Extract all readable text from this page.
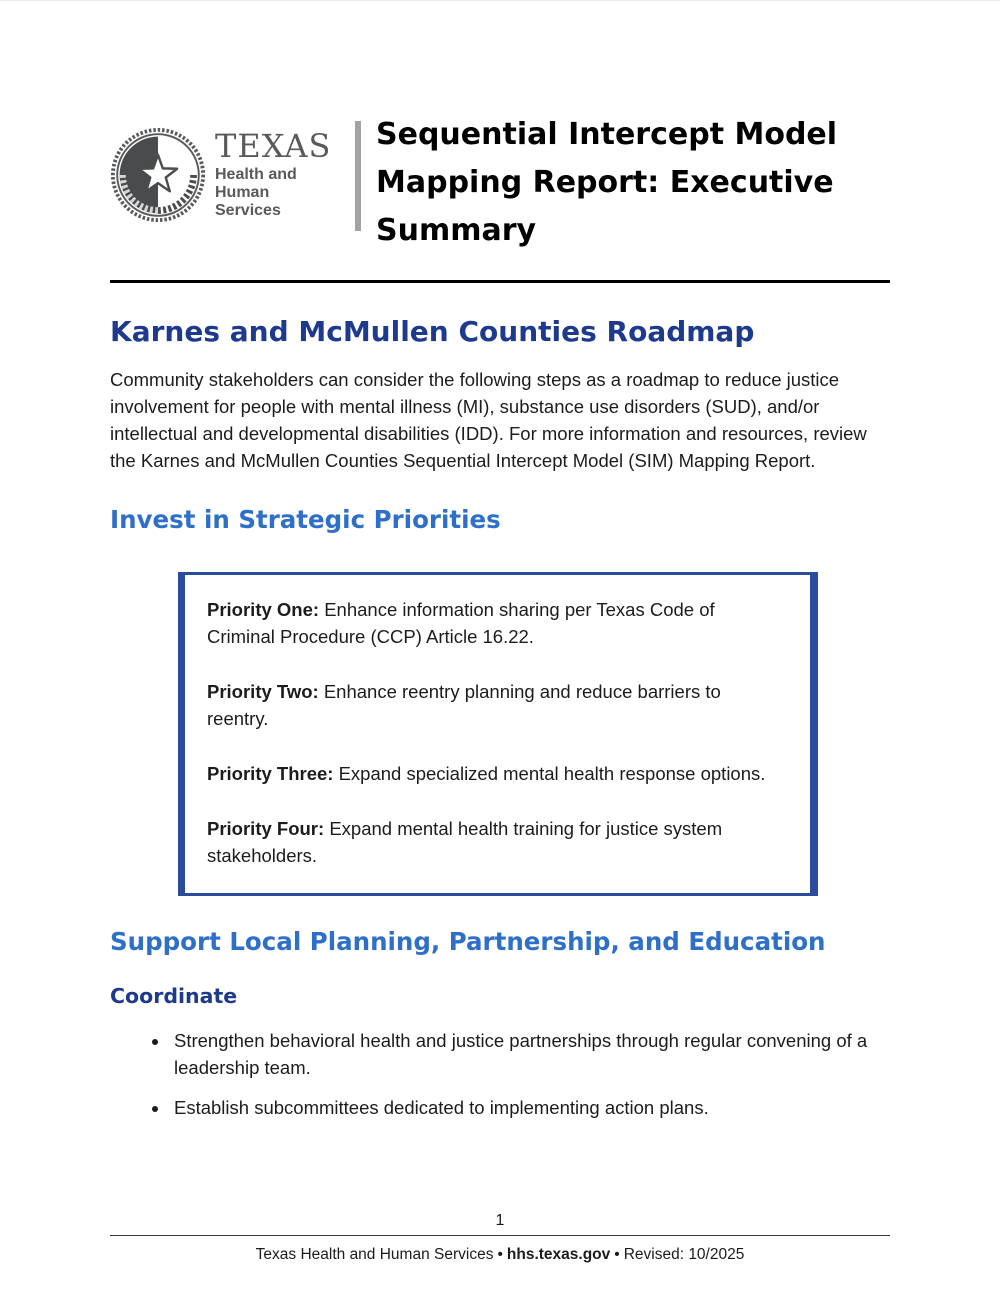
TEXAS
Health and Human
Services
Sequential Intercept Model Mapping Report: Executive Summary
Karnes and McMullen Counties Roadmap

Community stakeholders can consider the following steps as a roadmap to reduce justice involvement for people with mental illness (MI), substance use disorders (SUD), and/or intellectual and developmental disabilities (IDD). For more information and resources, review the Karnes and McMullen Counties Sequential Intercept Model (SIM) Mapping Report.

Invest in Strategic Priorities

Priority One: Enhance information sharing per Texas Code of Criminal Procedure (CCP) Article 16.22.

Priority Two: Enhance reentry planning and reduce barriers to reentry.

Priority Three: Expand specialized mental health response options.

Priority Four: Expand mental health training for justice system stakeholders.

Support Local Planning, Partnership, and Education
Coordinate
• Strengthen behavioral health and justice partnerships through regular convening of a leadership team.
• Establish subcommittees dedicated to implementing action plans.
1
Texas Health and Human Services • hhs.texas.gov • Revised: 10/2025
